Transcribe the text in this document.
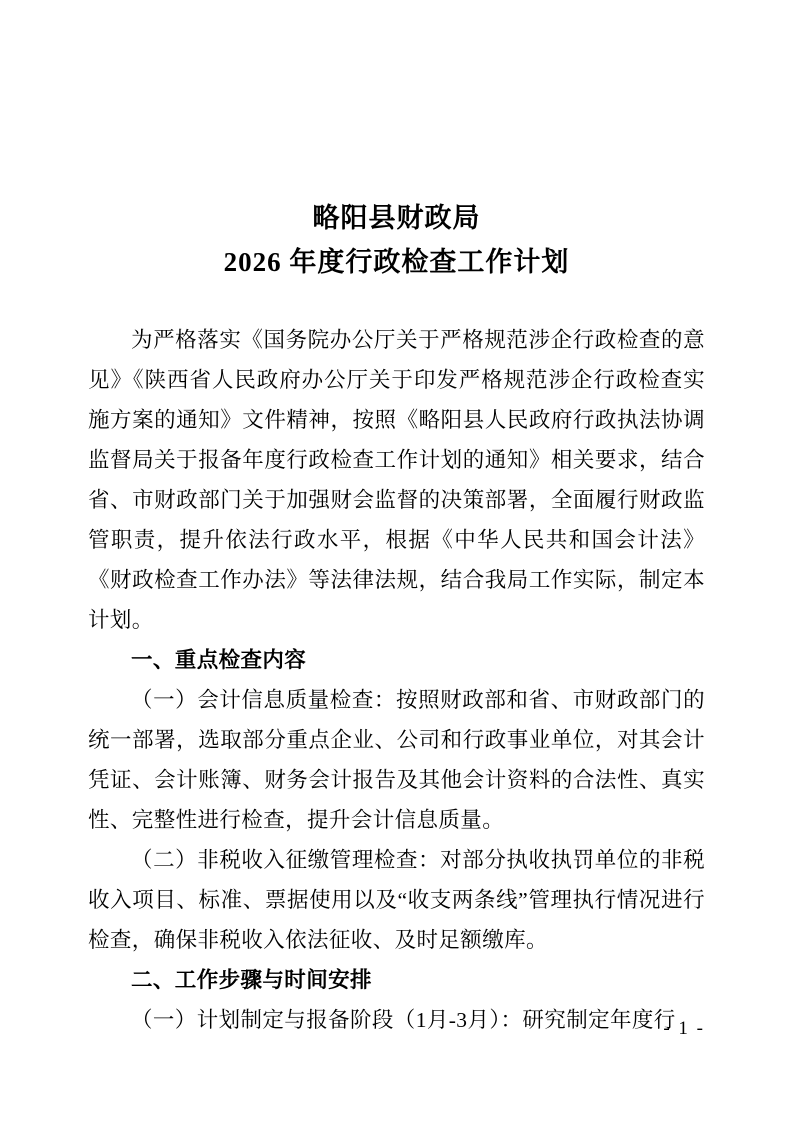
略阳县财政局
2026 年度行政检查工作计划

为严格落实《国务院办公厅关于严格规范涉企行政检查的意见》《陕西省人民政府办公厅关于印发严格规范涉企行政检查实施方案的通知》文件精神，按照《略阳县人民政府行政执法协调监督局关于报备年度行政检查工作计划的通知》相关要求，结合省、市财政部门关于加强财会监督的决策部署，全面履行财政监管职责，提升依法行政水平，根据《中华人民共和国会计法》《财政检查工作办法》等法律法规，结合我局工作实际，制定本计划。

一、重点检查内容

（一）会计信息质量检查：按照财政部和省、市财政部门的统一部署，选取部分重点企业、公司和行政事业单位，对其会计凭证、会计账簿、财务会计报告及其他会计资料的合法性、真实性、完整性进行检查，提升会计信息质量。

（二）非税收入征缴管理检查：对部分执收执罚单位的非税收入项目、标准、票据使用以及“收支两条线”管理执行情况进行检查，确保非税收入依法征收、及时足额缴库。

二、工作步骤与时间安排

（一）计划制定与报备阶段（1月-3月）：研究制定年度行

- 1 -
